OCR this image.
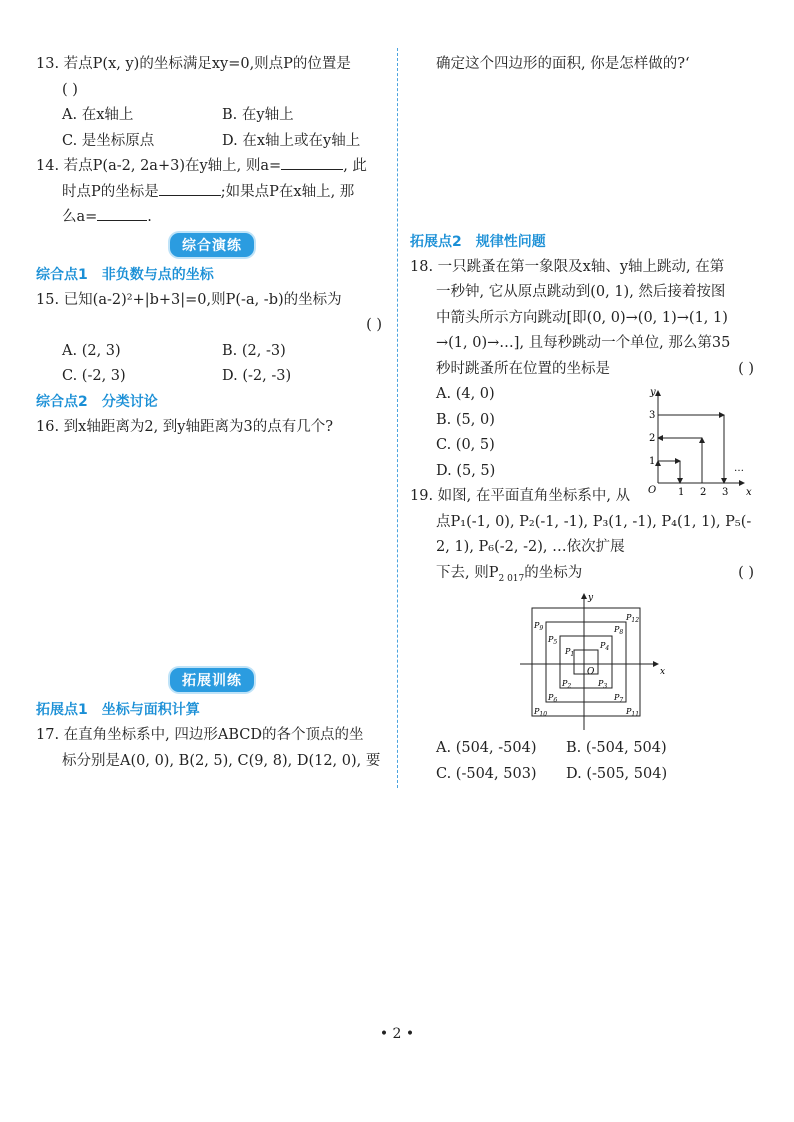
13. 若点P(x, y)的坐标满足xy=0,则点P的位置是
( )
A. 在x轴上	B. 在y轴上
C. 是坐标原点	D. 在x轴上或在y轴上
14. 若点P(a-2, 2a+3)在y轴上, 则a=	, 此
时点P的坐标是	;如果点P在x轴上, 那
么a=	.
综合演练
综合点1 非负数与点的坐标
15. 已知(a-2)²+|b+3|=0,则P(-a, -b)的坐标为
( )
A. (2, 3)	B. (2, -3)
C. (-2, 3)	D. (-2, -3)
综合点2 分类讨论
16. 到x轴距离为2, 到y轴距离为3的点有几个?
拓展训练
拓展点1 坐标与面积计算
17. 在直角坐标系中, 四边形ABCD的各个顶点的坐
标分别是A(0, 0), B(2, 5), C(9, 8), D(12, 0), 要
确定这个四边形的面积, 你是怎样做的?‘
拓展点2 规律性问题
18. 一只跳蚤在第一象限及x轴、y轴上跳动, 在第
一秒钟, 它从原点跳动到(0, 1), 然后接着按图
中箭头所示方向跳动[即(0, 0)→(0, 1)→(1, 1)
→(1, 0)→…], 且每秒跳动一个单位, 那么第35
秒时跳蚤所在位置的坐标是	( )
A. (4, 0)
B. (5, 0)
C. (0, 5)
D. (5, 5)
y
x
O 1 2 3
1
2
3
…
19. 如图, 在平面直角坐标系中, 从
点P₁(-1, 0), P₂(-1, -1), P₃(1, -1), P₄(1, 1), P₅(-
2, 1), P₆(-2, -2), …依次扩展
下去, 则$P_{2 017}$的坐标为	( )
y
x
O
$P_1$
$P_2$	$P_3$
$P_4$
$P_5$
$P_6$	$P_7$
$P_8$
$P_9$
$P_{10}$	$P_{11}$
$P_{12}$
A. (504, -504)	B. (-504, 504)
C. (-504, 503)	D. (-505, 504)
• 2 •
